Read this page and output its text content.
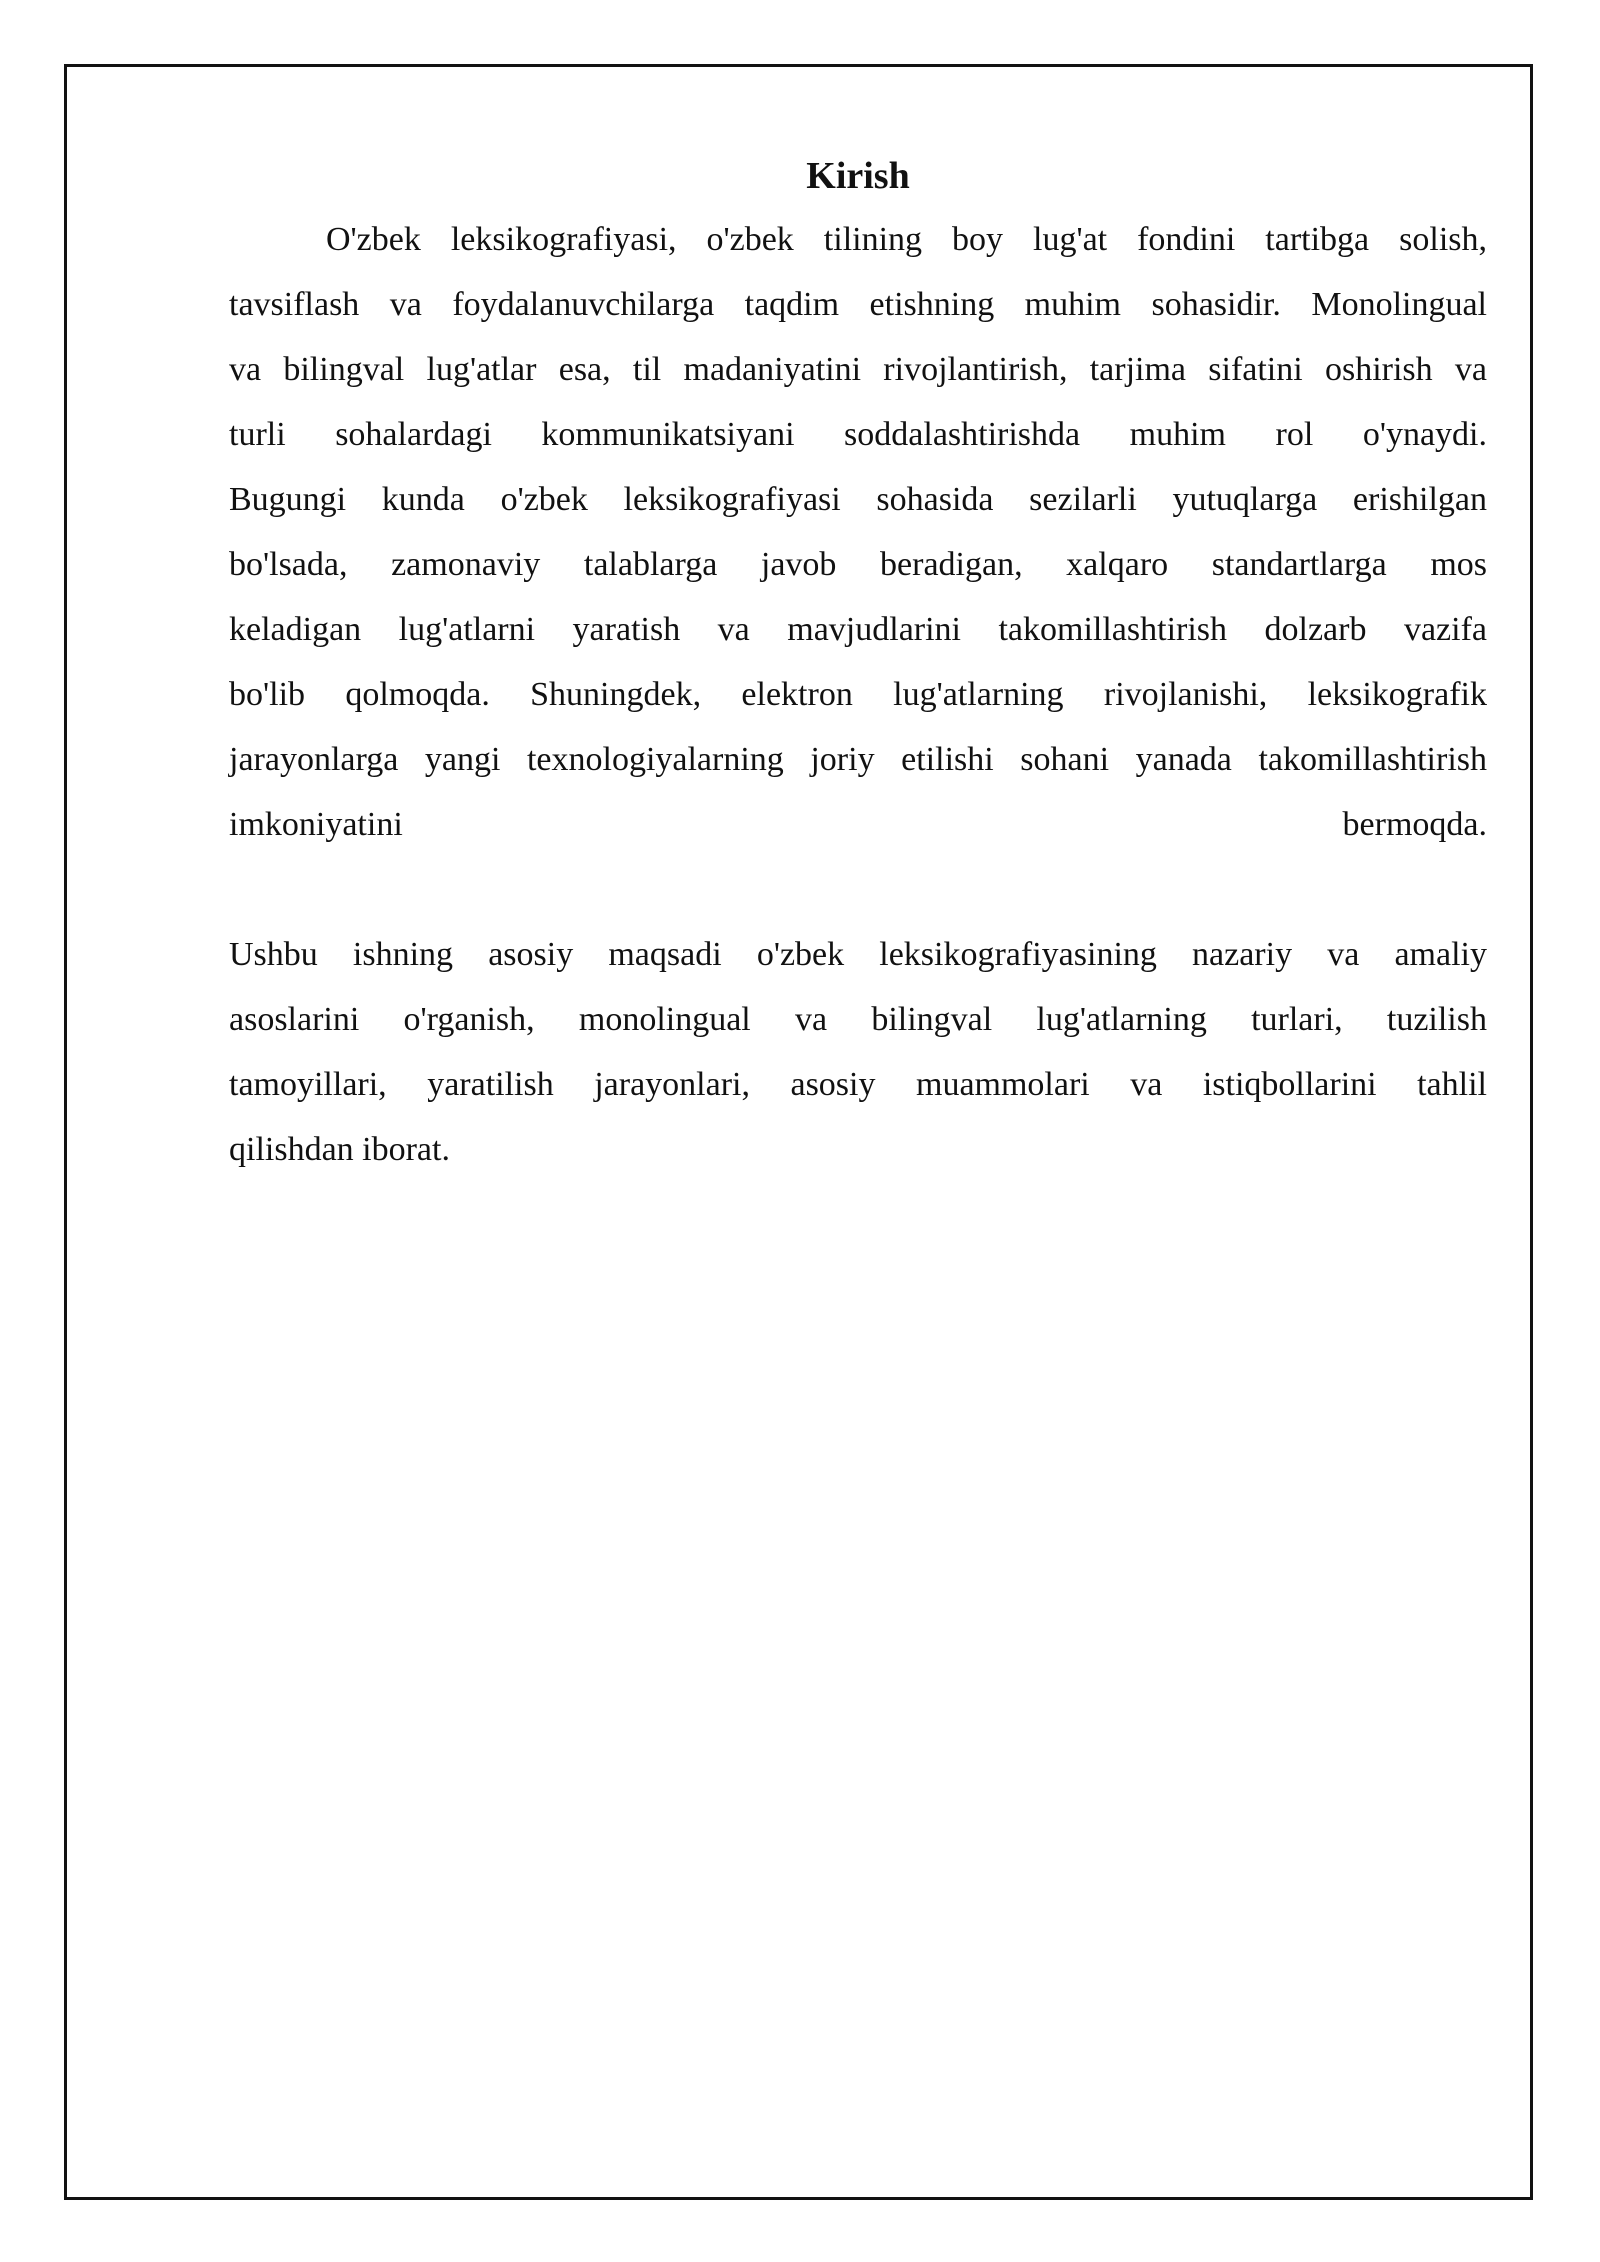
Kirish

O'zbek leksikografiyasi, o'zbek tilining boy lug'at fondini tartibga solish,
tavsiflash va foydalanuvchilarga taqdim etishning muhim sohasidir. Monolingual
va bilingval lug'atlar esa, til madaniyatini rivojlantirish, tarjima sifatini oshirish va
turli sohalardagi kommunikatsiyani soddalashtirishda muhim rol o'ynaydi.
Bugungi kunda o'zbek leksikografiyasi sohasida sezilarli yutuqlarga erishilgan
bo'lsada, zamonaviy talablarga javob beradigan, xalqaro standartlarga mos
keladigan lug'atlarni yaratish va mavjudlarini takomillashtirish dolzarb vazifa
bo'lib qolmoqda. Shuningdek, elektron lug'atlarning rivojlanishi, leksikografik
jarayonlarga yangi texnologiyalarning joriy etilishi sohani yanada takomillashtirish
imkoniyatini bermoqda.

Ushbu ishning asosiy maqsadi o'zbek leksikografiyasining nazariy va amaliy
asoslarini o'rganish, monolingual va bilingval lug'atlarning turlari, tuzilish
tamoyillari, yaratilish jarayonlari, asosiy muammolari va istiqbollarini tahlil
qilishdan iborat.
